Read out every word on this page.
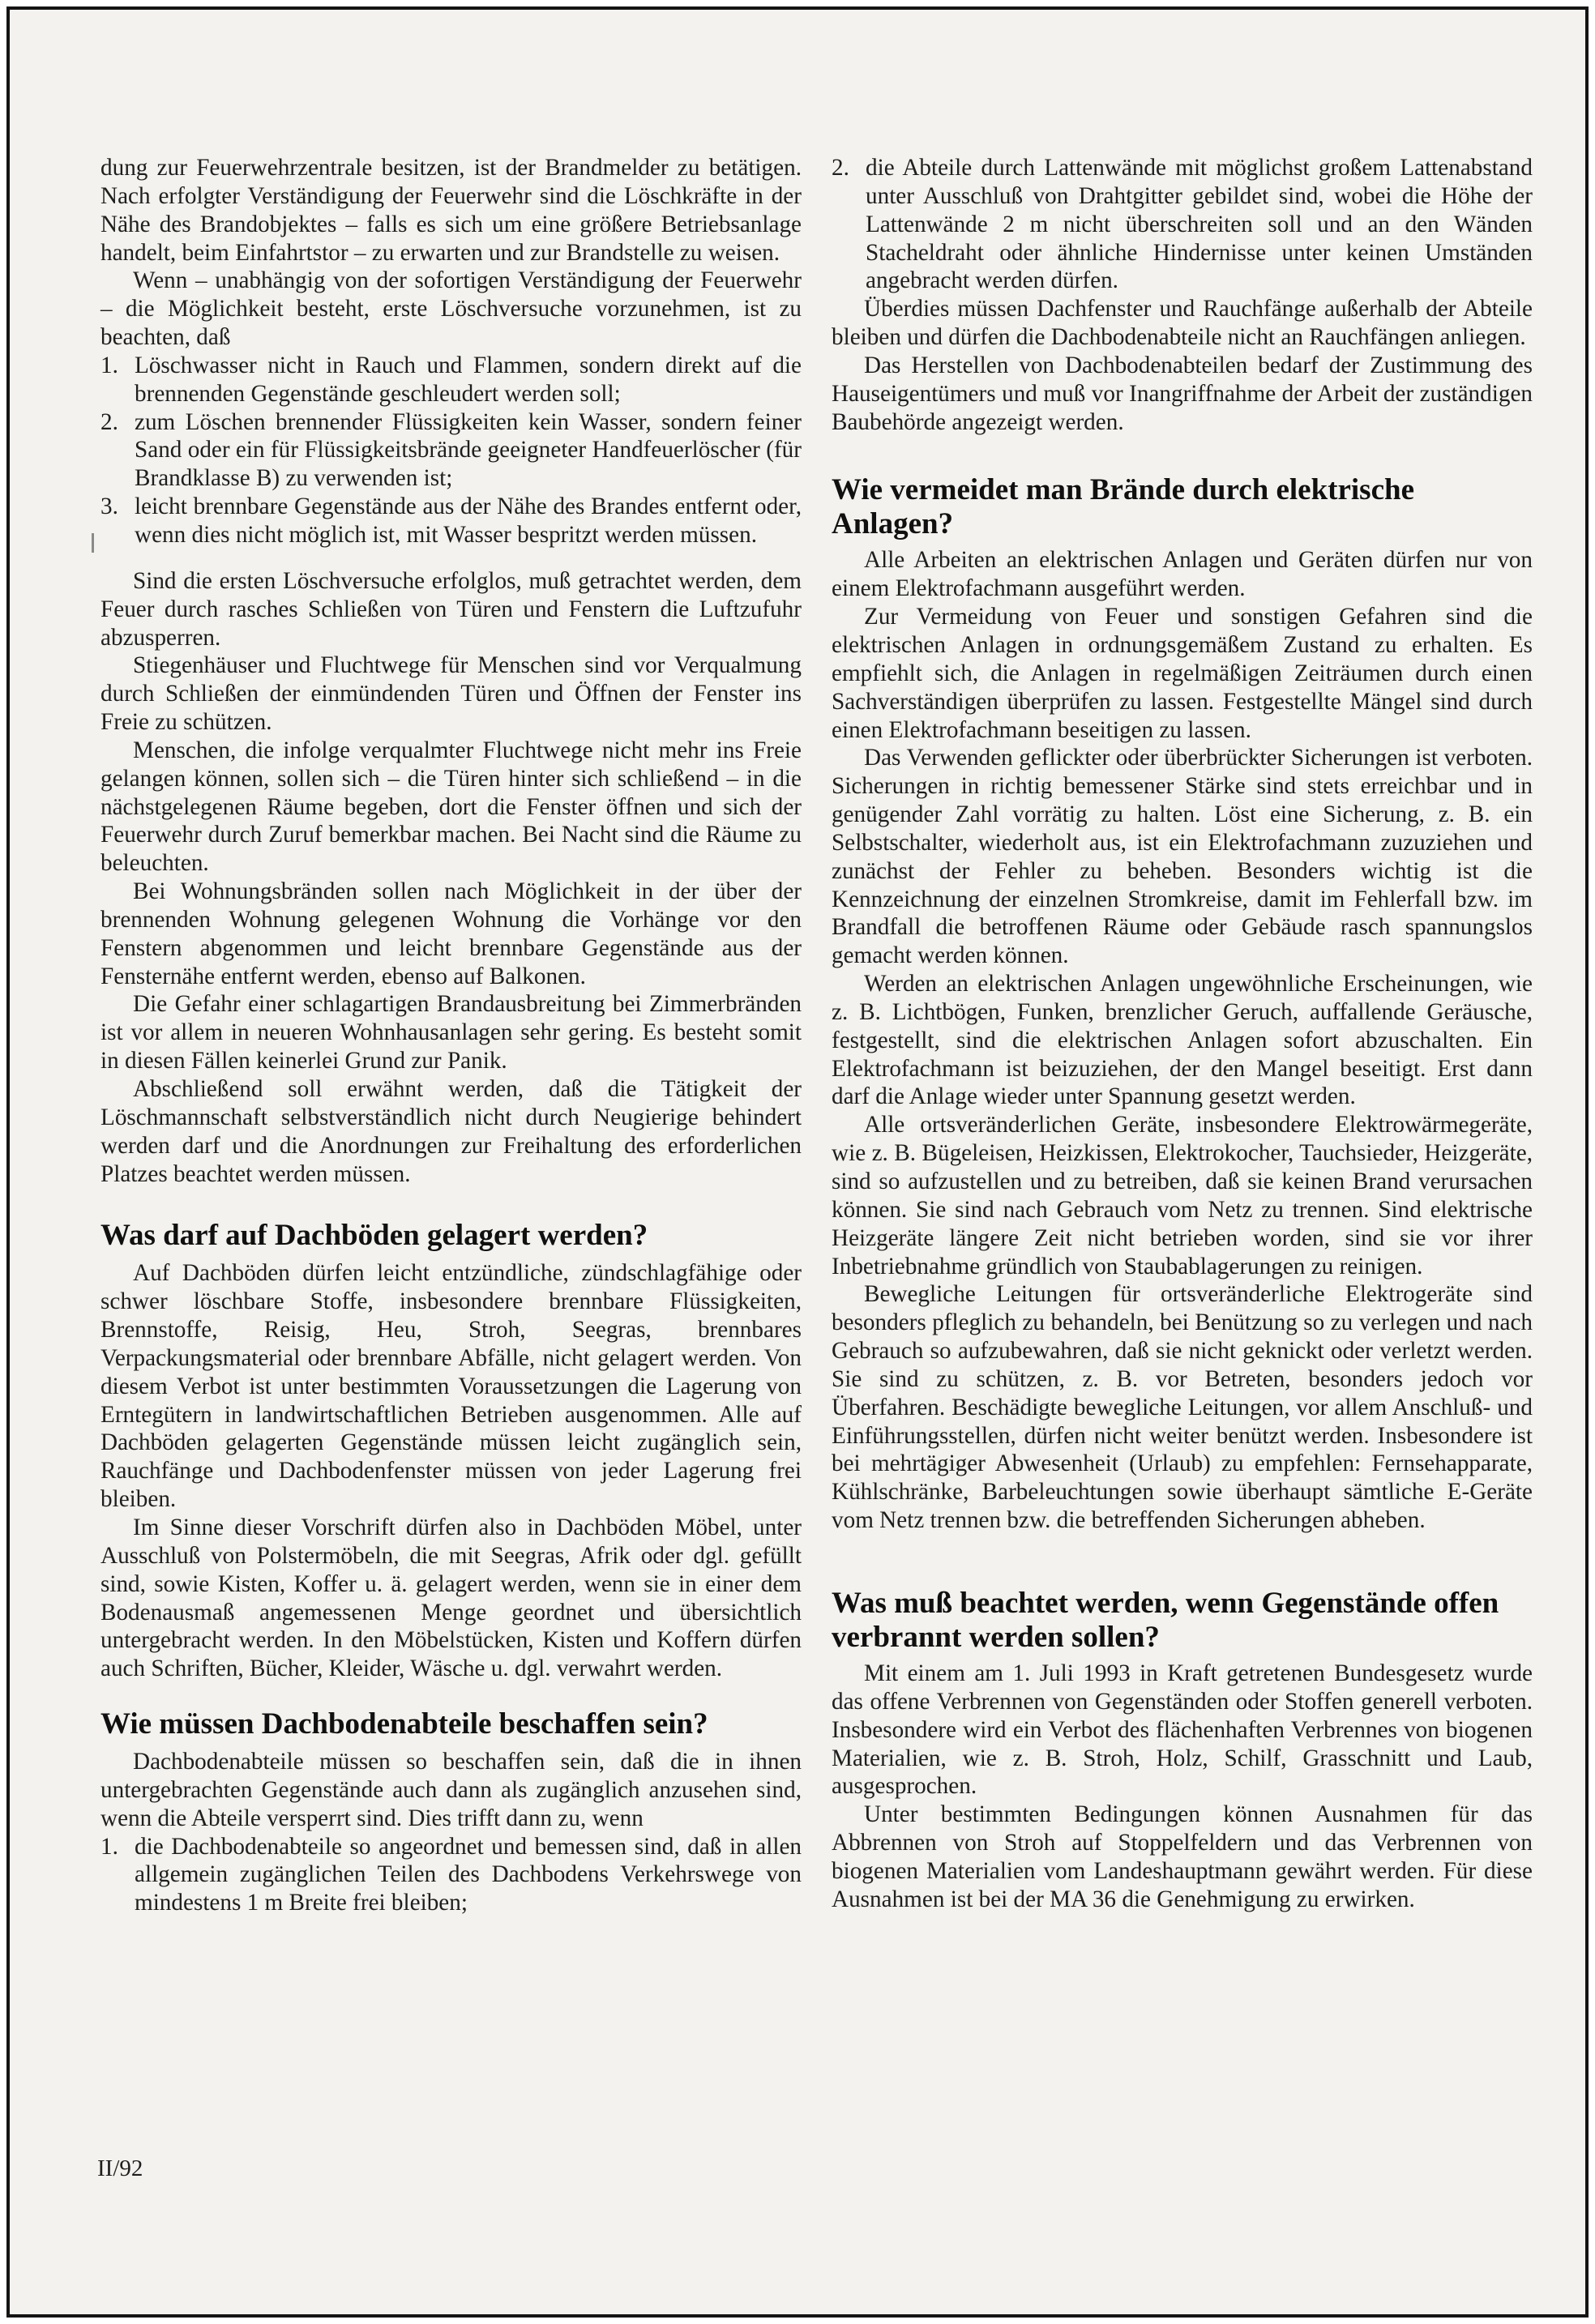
dung zur Feuerwehrzentrale besitzen, ist der Brandmelder zu betätigen. Nach erfolgter Verständigung der Feuerwehr sind die Löschkräfte in der Nähe des Brandobjektes – falls es sich um eine größere Betriebsanlage handelt, beim Einfahrtstor – zu erwarten und zur Brandstelle zu weisen.

Wenn – unabhängig von der sofortigen Verständigung der Feuerwehr – die Möglichkeit besteht, erste Löschversuche vorzunehmen, ist zu beachten, daß

1. Löschwasser nicht in Rauch und Flammen, sondern direkt auf die brennenden Gegenstände geschleudert werden soll;
2. zum Löschen brennender Flüssigkeiten kein Wasser, sondern feiner Sand oder ein für Flüssigkeitsbrände geeigneter Handfeuerlöscher (für Brandklasse B) zu verwenden ist;
3. leicht brennbare Gegenstände aus der Nähe des Brandes entfernt oder, wenn dies nicht möglich ist, mit Wasser bespritzt werden müssen.

Sind die ersten Löschversuche erfolglos, muß getrachtet werden, dem Feuer durch rasches Schließen von Türen und Fenstern die Luftzufuhr abzusperren.

Stiegenhäuser und Fluchtwege für Menschen sind vor Verqualmung durch Schließen der einmündenden Türen und Öffnen der Fenster ins Freie zu schützen.

Menschen, die infolge verqualmter Fluchtwege nicht mehr ins Freie gelangen können, sollen sich – die Türen hinter sich schließend – in die nächstgelegenen Räume begeben, dort die Fenster öffnen und sich der Feuerwehr durch Zuruf bemerkbar machen. Bei Nacht sind die Räume zu beleuchten.

Bei Wohnungsbränden sollen nach Möglichkeit in der über der brennenden Wohnung gelegenen Wohnung die Vorhänge vor den Fenstern abgenommen und leicht brennbare Gegenstände aus der Fensternähe entfernt werden, ebenso auf Balkonen.

Die Gefahr einer schlagartigen Brandausbreitung bei Zimmerbränden ist vor allem in neueren Wohnhausanlagen sehr gering. Es besteht somit in diesen Fällen keinerlei Grund zur Panik.

Abschließend soll erwähnt werden, daß die Tätigkeit der Löschmannschaft selbstverständlich nicht durch Neugierige behindert werden darf und die Anordnungen zur Freihaltung des erforderlichen Platzes beachtet werden müssen.

Was darf auf Dachböden gelagert werden?

Auf Dachböden dürfen leicht entzündliche, zündschlagfähige oder schwer löschbare Stoffe, insbesondere brennbare Flüssigkeiten, Brennstoffe, Reisig, Heu, Stroh, Seegras, brennbares Verpackungsmaterial oder brennbare Abfälle, nicht gelagert werden. Von diesem Verbot ist unter bestimmten Voraussetzungen die Lagerung von Erntegütern in landwirtschaftlichen Betrieben ausgenommen. Alle auf Dachböden gelagerten Gegenstände müssen leicht zugänglich sein, Rauchfänge und Dachbodenfenster müssen von jeder Lagerung frei bleiben.

Im Sinne dieser Vorschrift dürfen also in Dachböden Möbel, unter Ausschluß von Polstermöbeln, die mit Seegras, Afrik oder dgl. gefüllt sind, sowie Kisten, Koffer u. ä. gelagert werden, wenn sie in einer dem Bodenausmaß angemessenen Menge geordnet und übersichtlich untergebracht werden. In den Möbelstücken, Kisten und Koffern dürfen auch Schriften, Bücher, Kleider, Wäsche u. dgl. verwahrt werden.

Wie müssen Dachbodenabteile beschaffen sein?

Dachbodenabteile müssen so beschaffen sein, daß die in ihnen untergebrachten Gegenstände auch dann als zugänglich anzusehen sind, wenn die Abteile versperrt sind. Dies trifft dann zu, wenn

1. die Dachbodenabteile so angeordnet und bemessen sind, daß in allen allgemein zugänglichen Teilen des Dachbodens Verkehrswege von mindestens 1 m Breite frei bleiben;
2. die Abteile durch Lattenwände mit möglichst großem Lattenabstand unter Ausschluß von Drahtgitter gebildet sind, wobei die Höhe der Lattenwände 2 m nicht überschreiten soll und an den Wänden Stacheldraht oder ähnliche Hindernisse unter keinen Umständen angebracht werden dürfen.

Überdies müssen Dachfenster und Rauchfänge außerhalb der Abteile bleiben und dürfen die Dachbodenabteile nicht an Rauchfängen anliegen.

Das Herstellen von Dachbodenabteilen bedarf der Zustimmung des Hauseigentümers und muß vor Inangriffnahme der Arbeit der zuständigen Baubehörde angezeigt werden.

Wie vermeidet man Brände durch elektrische Anlagen?

Alle Arbeiten an elektrischen Anlagen und Geräten dürfen nur von einem Elektrofachmann ausgeführt werden.

Zur Vermeidung von Feuer und sonstigen Gefahren sind die elektrischen Anlagen in ordnungsgemäßem Zustand zu erhalten. Es empfiehlt sich, die Anlagen in regelmäßigen Zeiträumen durch einen Sachverständigen überprüfen zu lassen. Festgestellte Mängel sind durch einen Elektrofachmann beseitigen zu lassen.

Das Verwenden geflickter oder überbrückter Sicherungen ist verboten. Sicherungen in richtig bemessener Stärke sind stets erreichbar und in genügender Zahl vorrätig zu halten. Löst eine Sicherung, z. B. ein Selbstschalter, wiederholt aus, ist ein Elektrofachmann zuzuziehen und zunächst der Fehler zu beheben. Besonders wichtig ist die Kennzeichnung der einzelnen Stromkreise, damit im Fehlerfall bzw. im Brandfall die betroffenen Räume oder Gebäude rasch spannungslos gemacht werden können.

Werden an elektrischen Anlagen ungewöhnliche Erscheinungen, wie z. B. Lichtbögen, Funken, brenzlicher Geruch, auffallende Geräusche, festgestellt, sind die elektrischen Anlagen sofort abzuschalten. Ein Elektrofachmann ist beizuziehen, der den Mangel beseitigt. Erst dann darf die Anlage wieder unter Spannung gesetzt werden.

Alle ortsveränderlichen Geräte, insbesondere Elektrowärmegeräte, wie z. B. Bügeleisen, Heizkissen, Elektrokocher, Tauchsieder, Heizgeräte, sind so aufzustellen und zu betreiben, daß sie keinen Brand verursachen können. Sie sind nach Gebrauch vom Netz zu trennen. Sind elektrische Heizgeräte längere Zeit nicht betrieben worden, sind sie vor ihrer Inbetriebnahme gründlich von Staubablagerungen zu reinigen.

Bewegliche Leitungen für ortsveränderliche Elektrogeräte sind besonders pfleglich zu behandeln, bei Benützung so zu verlegen und nach Gebrauch so aufzubewahren, daß sie nicht geknickt oder verletzt werden. Sie sind zu schützen, z. B. vor Betreten, besonders jedoch vor Überfahren. Beschädigte bewegliche Leitungen, vor allem Anschluß- und Einführungsstellen, dürfen nicht weiter benützt werden. Insbesondere ist bei mehrtägiger Abwesenheit (Urlaub) zu empfehlen: Fernsehapparate, Kühlschränke, Barbeleuchtungen sowie überhaupt sämtliche E-Geräte vom Netz trennen bzw. die betreffenden Sicherungen abheben.

Was muß beachtet werden, wenn Gegenstände offen verbrannt werden sollen?

Mit einem am 1. Juli 1993 in Kraft getretenen Bundesgesetz wurde das offene Verbrennen von Gegenständen oder Stoffen generell verboten. Insbesondere wird ein Verbot des flächenhaften Verbrennes von biogenen Materialien, wie z. B. Stroh, Holz, Schilf, Grasschnitt und Laub, ausgesprochen.

Unter bestimmten Bedingungen können Ausnahmen für das Abbrennen von Stroh auf Stoppelfeldern und das Verbrennen von biogenen Materialien vom Landeshauptmann gewährt werden. Für diese Ausnahmen ist bei der MA 36 die Genehmigung zu erwirken.

II/92
